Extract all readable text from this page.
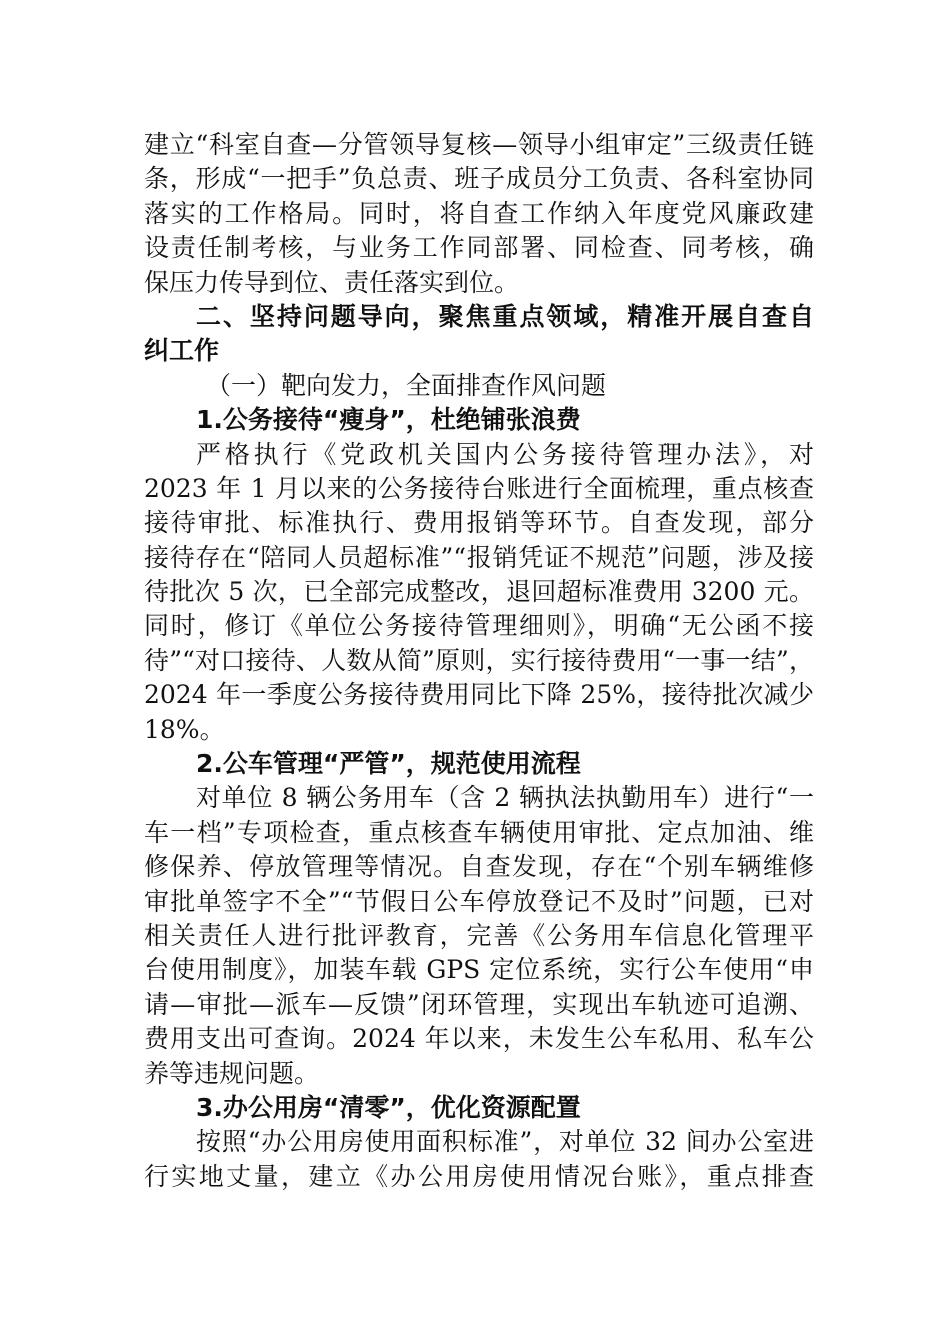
建立“科室自查—分管领导复核—领导小组审定”三级责任链
条，形成“一把手”负总责、班子成员分工负责、各科室协同
落实的工作格局。同时，将自查工作纳入年度党风廉政建
设责任制考核，与业务工作同部署、同检查、同考核，确
保压力传导到位、责任落实到位。
二、坚持问题导向，聚焦重点领域，精准开展自查自
纠工作
（一）靶向发力，全面排查作风问题
1.公务接待“瘦身”，杜绝铺张浪费
严格执行《党政机关国内公务接待管理办法》，对
2023 年 1 月以来的公务接待台账进行全面梳理，重点核查
接待审批、标准执行、费用报销等环节。自查发现，部分
接待存在“陪同人员超标准”“报销凭证不规范”问题，涉及接
待批次 5 次，已全部完成整改，退回超标准费用 3200 元。
同时，修订《单位公务接待管理细则》，明确“无公函不接
待”“对口接待、人数从简”原则，实行接待费用“一事一结”，
2024 年一季度公务接待费用同比下降 25%，接待批次减少
18%。
2.公车管理“严管”，规范使用流程
对单位 8 辆公务用车（含 2 辆执法执勤用车）进行“一
车一档”专项检查，重点核查车辆使用审批、定点加油、维
修保养、停放管理等情况。自查发现，存在“个别车辆维修
审批单签字不全”“节假日公车停放登记不及时”问题，已对
相关责任人进行批评教育，完善《公务用车信息化管理平
台使用制度》，加装车载 GPS 定位系统，实行公车使用“申
请—审批—派车—反馈”闭环管理，实现出车轨迹可追溯、
费用支出可查询。2024 年以来，未发生公车私用、私车公
养等违规问题。
3.办公用房“清零”，优化资源配置
按照“办公用房使用面积标准”，对单位 32 间办公室进
行实地丈量，建立《办公用房使用情况台账》，重点排查
